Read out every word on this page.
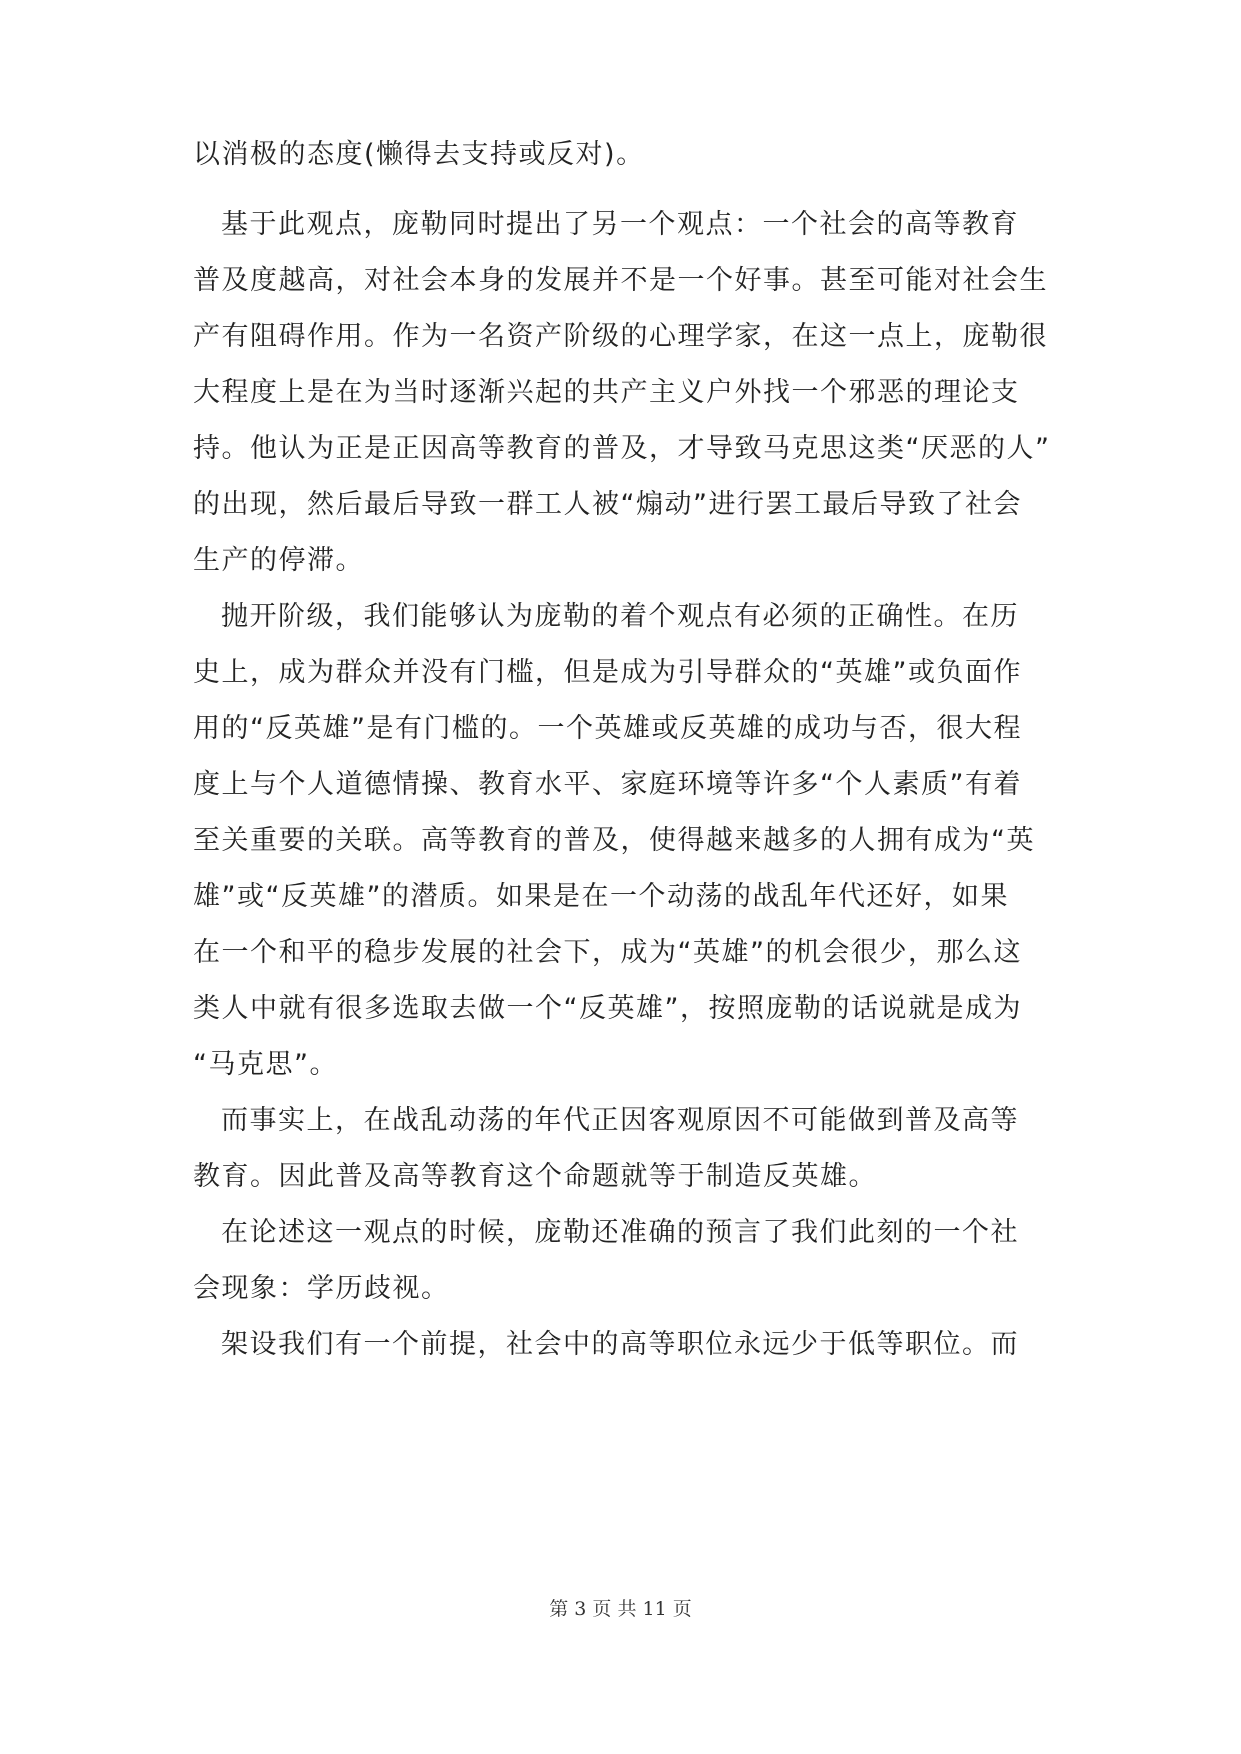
以消极的态度(懒得去支持或反对)。
基于此观点，庞勒同时提出了另一个观点：一个社会的高等教育
普及度越高，对社会本身的发展并不是一个好事。甚至可能对社会生
产有阻碍作用。作为一名资产阶级的心理学家，在这一点上，庞勒很
大程度上是在为当时逐渐兴起的共产主义户外找一个邪恶的理论支
持。他认为正是正因高等教育的普及，才导致马克思这类“厌恶的人”
的出现，然后最后导致一群工人被“煽动”进行罢工最后导致了社会
生产的停滞。
抛开阶级，我们能够认为庞勒的着个观点有必须的正确性。在历
史上，成为群众并没有门槛，但是成为引导群众的“英雄”或负面作
用的“反英雄”是有门槛的。一个英雄或反英雄的成功与否，很大程
度上与个人道德情操、教育水平、家庭环境等许多“个人素质”有着
至关重要的关联。高等教育的普及，使得越来越多的人拥有成为“英
雄”或“反英雄”的潜质。如果是在一个动荡的战乱年代还好，如果
在一个和平的稳步发展的社会下，成为“英雄”的机会很少，那么这
类人中就有很多选取去做一个“反英雄”，按照庞勒的话说就是成为
“马克思”。
而事实上，在战乱动荡的年代正因客观原因不可能做到普及高等
教育。因此普及高等教育这个命题就等于制造反英雄。
在论述这一观点的时候，庞勒还准确的预言了我们此刻的一个社
会现象：学历歧视。
架设我们有一个前提，社会中的高等职位永远少于低等职位。而
第 3 页 共 11 页
